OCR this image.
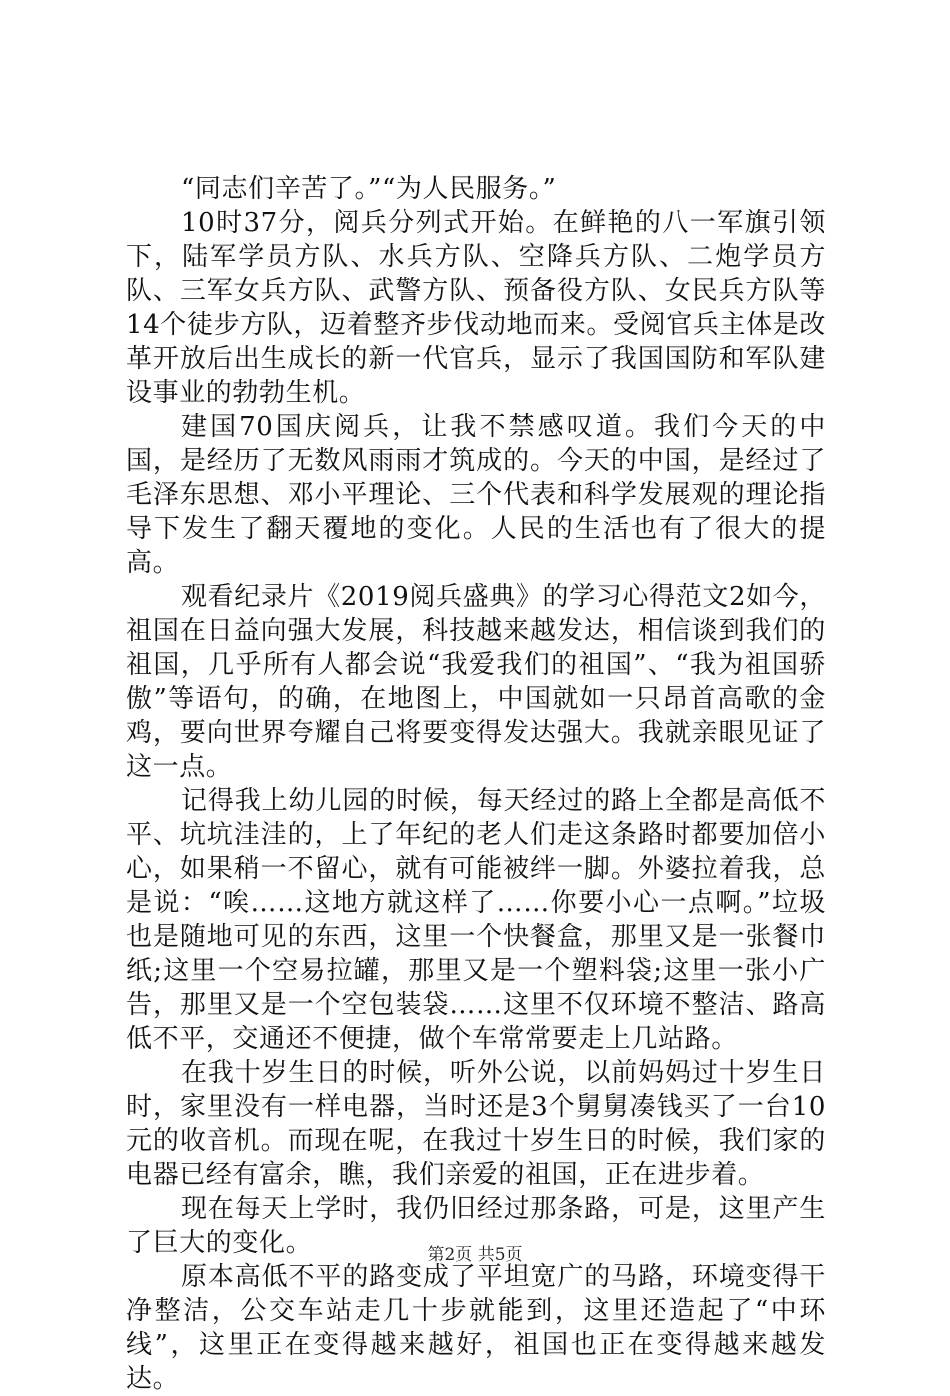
“同志们辛苦了。”“为人民服务。”

10时37分，阅兵分列式开始。在鲜艳的八一军旗引领下，陆军学员方队、水兵方队、空降兵方队、二炮学员方队、三军女兵方队、武警方队、预备役方队、女民兵方队等14个徒步方队，迈着整齐步伐动地而来。受阅官兵主体是改革开放后出生成长的新一代官兵，显示了我国国防和军队建设事业的勃勃生机。

建国70国庆阅兵，让我不禁感叹道。我们今天的中国，是经历了无数风雨雨才筑成的。今天的中国，是经过了毛泽东思想、邓小平理论、三个代表和科学发展观的理论指导下发生了翻天覆地的变化。人民的生活也有了很大的提高。

观看纪录片《2019阅兵盛典》的学习心得范文2如今，祖国在日益向强大发展，科技越来越发达，相信谈到我们的祖国，几乎所有人都会说“我爱我们的祖国”、“我为祖国骄傲”等语句，的确，在地图上，中国就如一只昂首高歌的金鸡，要向世界夸耀自己将要变得发达强大。我就亲眼见证了这一点。

记得我上幼儿园的时候，每天经过的路上全都是高低不平、坑坑洼洼的，上了年纪的老人们走这条路时都要加倍小心，如果稍一不留心，就有可能被绊一脚。外婆拉着我，总是说：“唉……这地方就这样了……你要小心一点啊。”垃圾也是随地可见的东西，这里一个快餐盒，那里又是一张餐巾纸;这里一个空易拉罐，那里又是一个塑料袋;这里一张小广告，那里又是一个空包装袋……这里不仅环境不整洁、路高低不平，交通还不便捷，做个车常常要走上几站路。

在我十岁生日的时候，听外公说，以前妈妈过十岁生日时，家里没有一样电器，当时还是3个舅舅凑钱买了一台10元的收音机。而现在呢，在我过十岁生日的时候，我们家的电器已经有富余，瞧，我们亲爱的祖国，正在进步着。

现在每天上学时，我仍旧经过那条路，可是，这里产生了巨大的变化。

原本高低不平的路变成了平坦宽广的马路，环境变得干净整洁，公交车站走几十步就能到，这里还造起了“中环线”，这里正在变得越来越好，祖国也正在变得越来越发达。

第2页 共5页
